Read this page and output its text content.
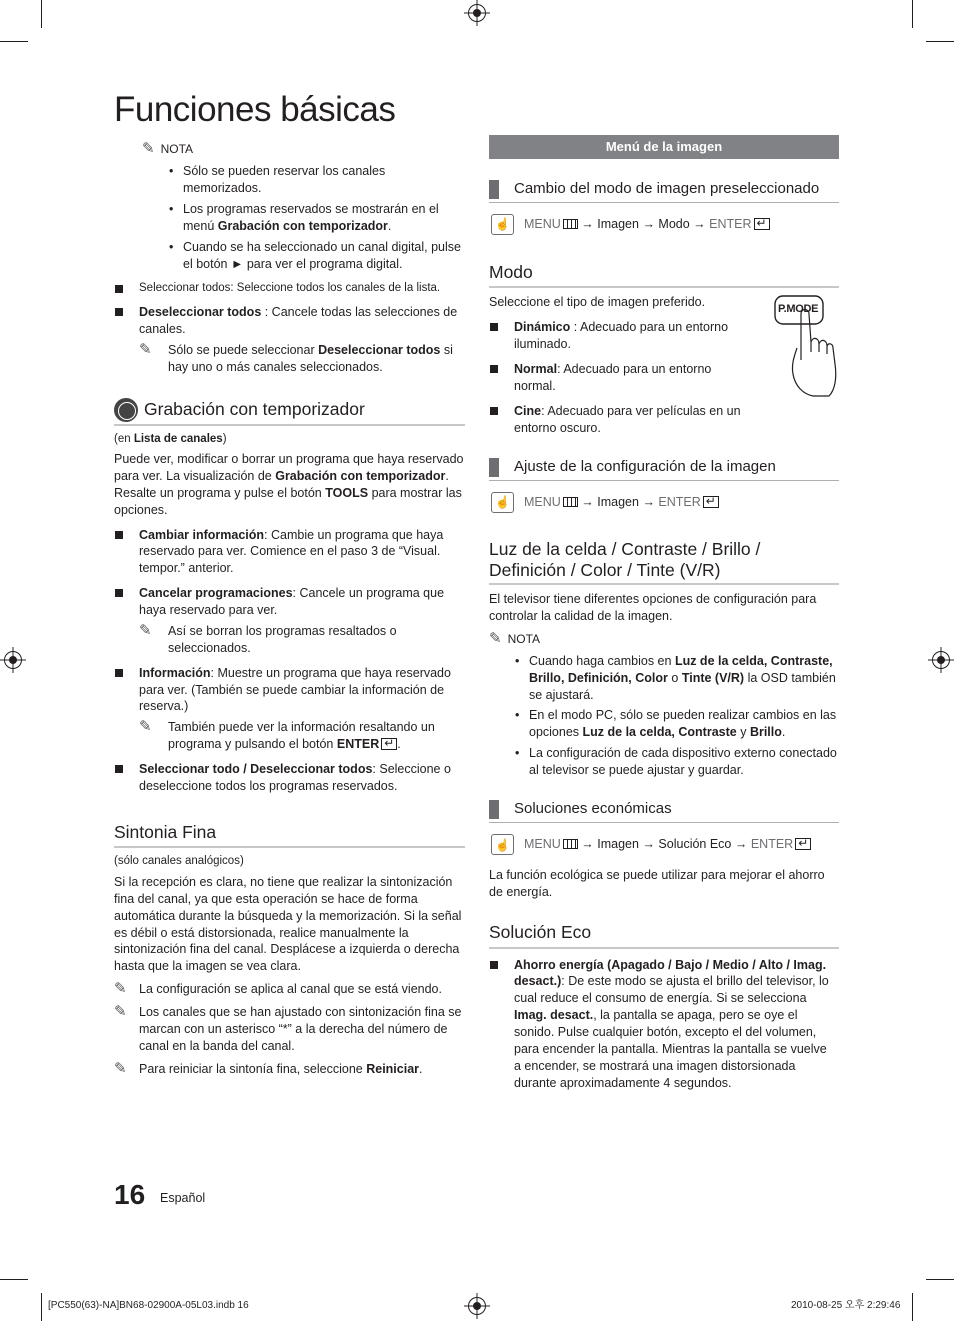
Funciones básicas
✎ NOTA
• Sólo se pueden reservar los canales memorizados.
• Los programas reservados se mostrarán en el menú Grabación con temporizador.
• Cuando se ha seleccionado un canal digital, pulse el botón ► para ver el programa digital.
Seleccionar todos: Seleccione todos los canales de la lista.
Deseleccionar todos : Cancele todas las selecciones de canales.
✎ Sólo se puede seleccionar Deseleccionar todos si hay uno o más canales seleccionados.
Grabación con temporizador

(en Lista de canales)

Puede ver, modificar o borrar un programa que haya reservado para ver. La visualización de Grabación con temporizador. Resalte un programa y pulse el botón TOOLS para mostrar las opciones.

Cambiar información: Cambie un programa que haya reservado para ver. Comience en el paso 3 de “Visual. tempor.” anterior.
Cancelar programaciones: Cancele un programa que haya reservado para ver.
✎ Así se borran los programas resaltados o seleccionados.
Información: Muestre un programa que haya reservado para ver. (También se puede cambiar la información de reserva.)
✎ También puede ver la información resaltando un programa y pulsando el botón ENTER↵ .
Seleccionar todo / Deseleccionar todos: Seleccione o deseleccione todos los programas reservados.
Sintonia Fina

(sólo canales analógicos)

Si la recepción es clara, no tiene que realizar la sintonización fina del canal, ya que esta operación se hace de forma automática durante la búsqueda y la memorización. Si la señal es débil o está distorsionada, realice manualmente la sintonización fina del canal. Desplácese a izquierda o derecha hasta que la imagen se vea clara.

✎ La configuración se aplica al canal que se está viendo.
✎ Los canales que se han ajustado con sintonización fina se marcan con un asterisco “*” a la derecha del número de canal en la banda del canal.
✎ Para reiniciar la sintonía fina, seleccione Reiniciar.
Menú de la imagen
Cambio del modo de imagen preseleccionado
☝	MENU → Imagen → Modo → ENTER↵
Modo

Seleccione el tipo de imagen preferido.

Dinámico : Adecuado para un entorno iluminado.
Normal: Adecuado para un entorno normal.
Cine: Adecuado para ver películas en un entorno oscuro.
P.MODE
Ajuste de la configuración de la imagen
☝	MENU → Imagen → ENTER↵
Luz de la celda / Contraste / Brillo / Definición / Color / Tinte (V/R)

El televisor tiene diferentes opciones de configuración para controlar la calidad de la imagen.

✎ NOTA
• Cuando haga cambios en Luz de la celda, Contraste, Brillo, Definición, Color o Tinte (V/R) la OSD también se ajustará.
• En el modo PC, sólo se pueden realizar cambios en las opciones Luz de la celda, Contraste y Brillo.
• La configuración de cada dispositivo externo conectado al televisor se puede ajustar y guardar.
Soluciones económicas
☝	MENU → Imagen → Solución Eco → ENTER↵

La función ecológica se puede utilizar para mejorar el ahorro de energía.

Solución Eco
Ahorro energía (Apagado / Bajo / Medio / Alto / Imag. desact.): De este modo se ajusta el brillo del televisor, lo cual reduce el consumo de energía. Si se selecciona Imag. desact., la pantalla se apaga, pero se oye el sonido. Pulse cualquier botón, excepto el del volumen, para encender la pantalla. Mientras la pantalla se vuelve a encender, se mostrará una imagen distorsionada durante aproximadamente 4 segundos.
16 Español
[PC550(63)-NA]BN68-02900A-05L03.indb 16	2010-08-25 오후 2:29:46
